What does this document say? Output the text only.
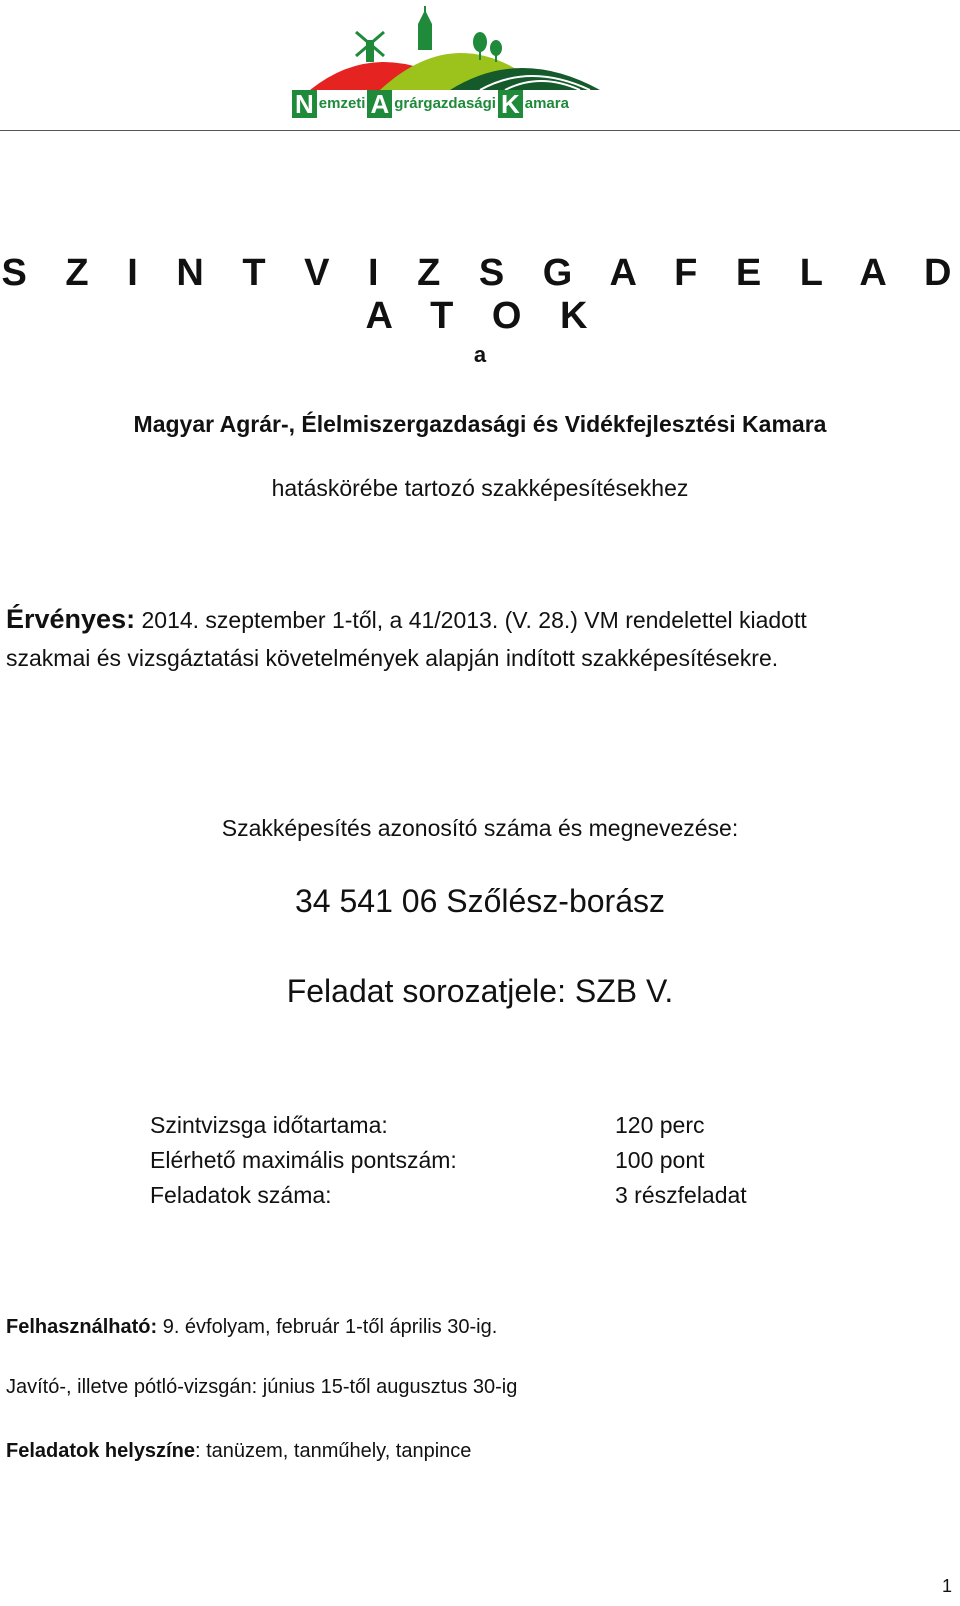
N emzeti A grárgazdasági K amara
S Z I N T V I Z S G A F E L A D A T O K
a
Magyar Agrár-, Élelmiszergazdasági és Vidékfejlesztési Kamara
hatáskörébe tartozó szakképesítésekhez
Érvényes: 2014. szeptember 1-től, a 41/2013. (V. 28.) VM rendelettel kiadott
szakmai és vizsgáztatási követelmények alapján indított szakképesítésekre.
Szakképesítés azonosító száma és megnevezése:
34 541 06 Szőlész-borász
Feladat sorozatjele: SZB V.
Szintvizsga időtartama:	120 perc
Elérhető maximális pontszám:	100 pont
Feladatok száma:	3 részfeladat
Felhasználható: 9. évfolyam, február 1-től április 30-ig.
Javító-, illetve pótló-vizsgán: június 15-től augusztus 30-ig
Feladatok helyszíne: tanüzem, tanműhely, tanpince
1
